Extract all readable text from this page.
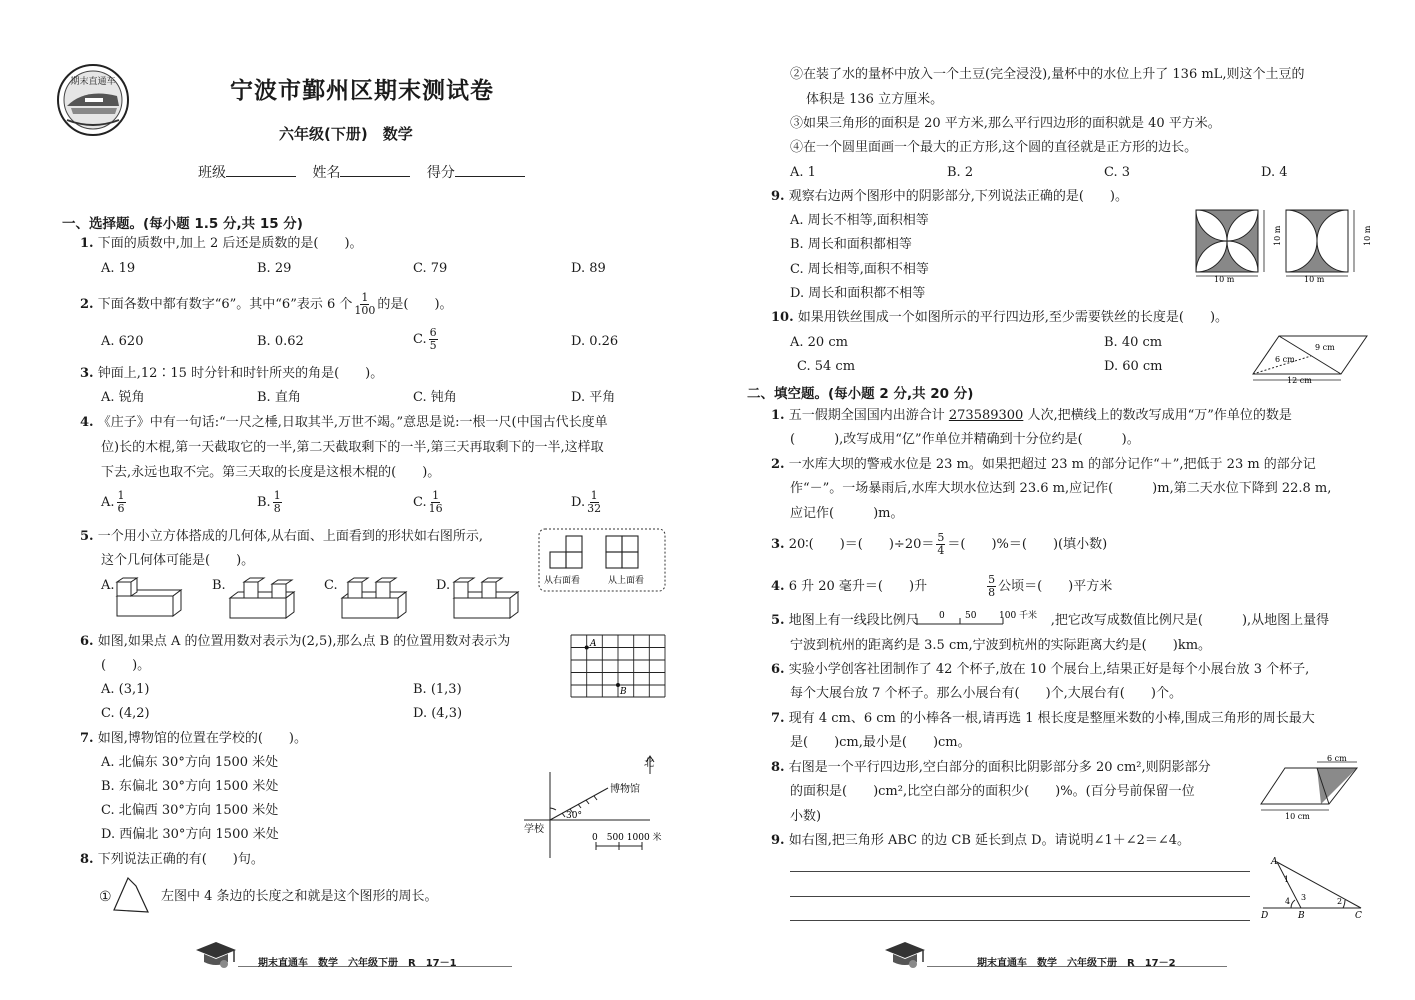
期末直通车	宁波市鄞州区期末测试卷
六年级(下册)　数学
班级	姓名	得分
一、选择题。(每小题 1.5 分,共 15 分)
1. 下面的质数中,加上 2 后还是质数的是(　　)。
A. 19	B. 29	C. 79	D. 89
2. 下面各数中都有数字“6”。其中“6”表示 6 个 $\frac{1}{100}$ 的是(　　)。
A. 620	B. 0.62	C. $\frac{6}{5}$	D. 0.26
3. 钟面上,12∶15 时分针和时针所夹的角是(　　)。
A. 锐角	B. 直角	C. 钝角	D. 平角
4. 《庄子》中有一句话:“一尺之棰,日取其半,万世不竭。”意思是说:一根一尺(中国古代长度单
位)长的木棍,第一天截取它的一半,第二天截取剩下的一半,第三天再取剩下的一半,这样取
下去,永远也取不完。第三天取的长度是这根木棍的(　　)。
A. $\frac{1}{6}$	B. $\frac{1}{8}$	C. $\frac{1}{16}$	D. $\frac{1}{32}$
5. 一个用小立方体搭成的几何体,从右面、上面看到的形状如右图所示,
这个几何体可能是(　　)。
从右面看	从上面看
A.	B.	C.	D.
6. 如图,如果点 A 的位置用数对表示为(2,5),那么点 B 的位置用数对表示为
(　　)。
A
B
A. (3,1)	B. (1,3)
C. (4,2)	D. (4,3)
7. 如图,博物馆的位置在学校的(　　)。
A. 北偏东 30°方向 1500 米处
B. 东偏北 30°方向 1500 米处
C. 北偏西 30°方向 1500 米处
D. 西偏北 30°方向 1500 米处
北
博物馆
学校
30°
0　500 1000 米
8. 下列说法正确的有(　　)句。
①	左图中 4 条边的长度之和就是这个图形的周长。
期末直通车　数学　六年级下册　R　17－1
②在装了水的量杯中放入一个土豆(完全浸没),量杯中的水位上升了 136 mL,则这个土豆的
体积是 136 立方厘米。
③如果三角形的面积是 20 平方米,那么平行四边形的面积就是 40 平方米。
④在一个圆里面画一个最大的正方形,这个圆的直径就是正方形的边长。
A. 1	B. 2	C. 3	D. 4
9. 观察右边两个图形中的阴影部分,下列说法正确的是(　　)。
A. 周长不相等,面积相等
B. 周长和面积都相等
C. 周长相等,面积不相等
D. 周长和面积都不相等
10 m	10 m
10 m	10 m
10. 如果用铁丝围成一个如图所示的平行四边形,至少需要铁丝的长度是(　　)。
A. 20 cm	B. 40 cm
C. 54 cm	D. 60 cm
9 cm
6 cm
12 cm
二、填空题。(每小题 2 分,共 20 分)
1. 五一假期全国国内出游合计 273589300 人次,把横线上的数改写成用“万”作单位的数是
(　　　),改写成用“亿”作单位并精确到十分位约是(　　　)。
2. 一水库大坝的警戒水位是 23 m。如果把超过 23 m 的部分记作“＋”,把低于 23 m 的部分记
作“－”。一场暴雨后,水库大坝水位达到 23.6 m,应记作(　　　)m,第二天水位下降到 22.8 m,
应记作(　　　)m。
3. 20∶(　　)＝(　　)$\div 20= \frac{5}{4}$ ＝(　　)%＝(　　)(填小数)
4. 6 升 20 毫升＝(　　)升	$\frac{5}{8}$ 公顷＝(　　)平方米
5. 地图上有一线段比例尺	,把它改写成数值比例尺是(　　　),从地图上量得
0 50	100 千米
宁波到杭州的距离约是 3.5 cm,宁波到杭州的实际距离大约是(　　)km。
6. 实验小学创客社团制作了 42 个杯子,放在 10 个展台上,结果正好是每个小展台放 3 个杯子,
每个大展台放 7 个杯子。那么小展台有(　　)个,大展台有(　　)个。
7. 现有 4 cm、6 cm 的小棒各一根,请再选 1 根长度是整厘米数的小棒,围成三角形的周长最大
是(　　)cm,最小是(　　)cm。
8. 右图是一个平行四边形,空白部分的面积比阴影部分多 20 cm²,则阴影部分
的面积是(　　)cm²,比空白部分的面积少(　　)%。(百分号前保留一位
小数)
6 cm
10 cm
9. 如右图,把三角形 ABC 的边 CB 延长到点 D。请说明∠1＋∠2＝∠4。
A
B	C
D
1
2
3
4
期末直通车　数学　六年级下册　R　17－2
